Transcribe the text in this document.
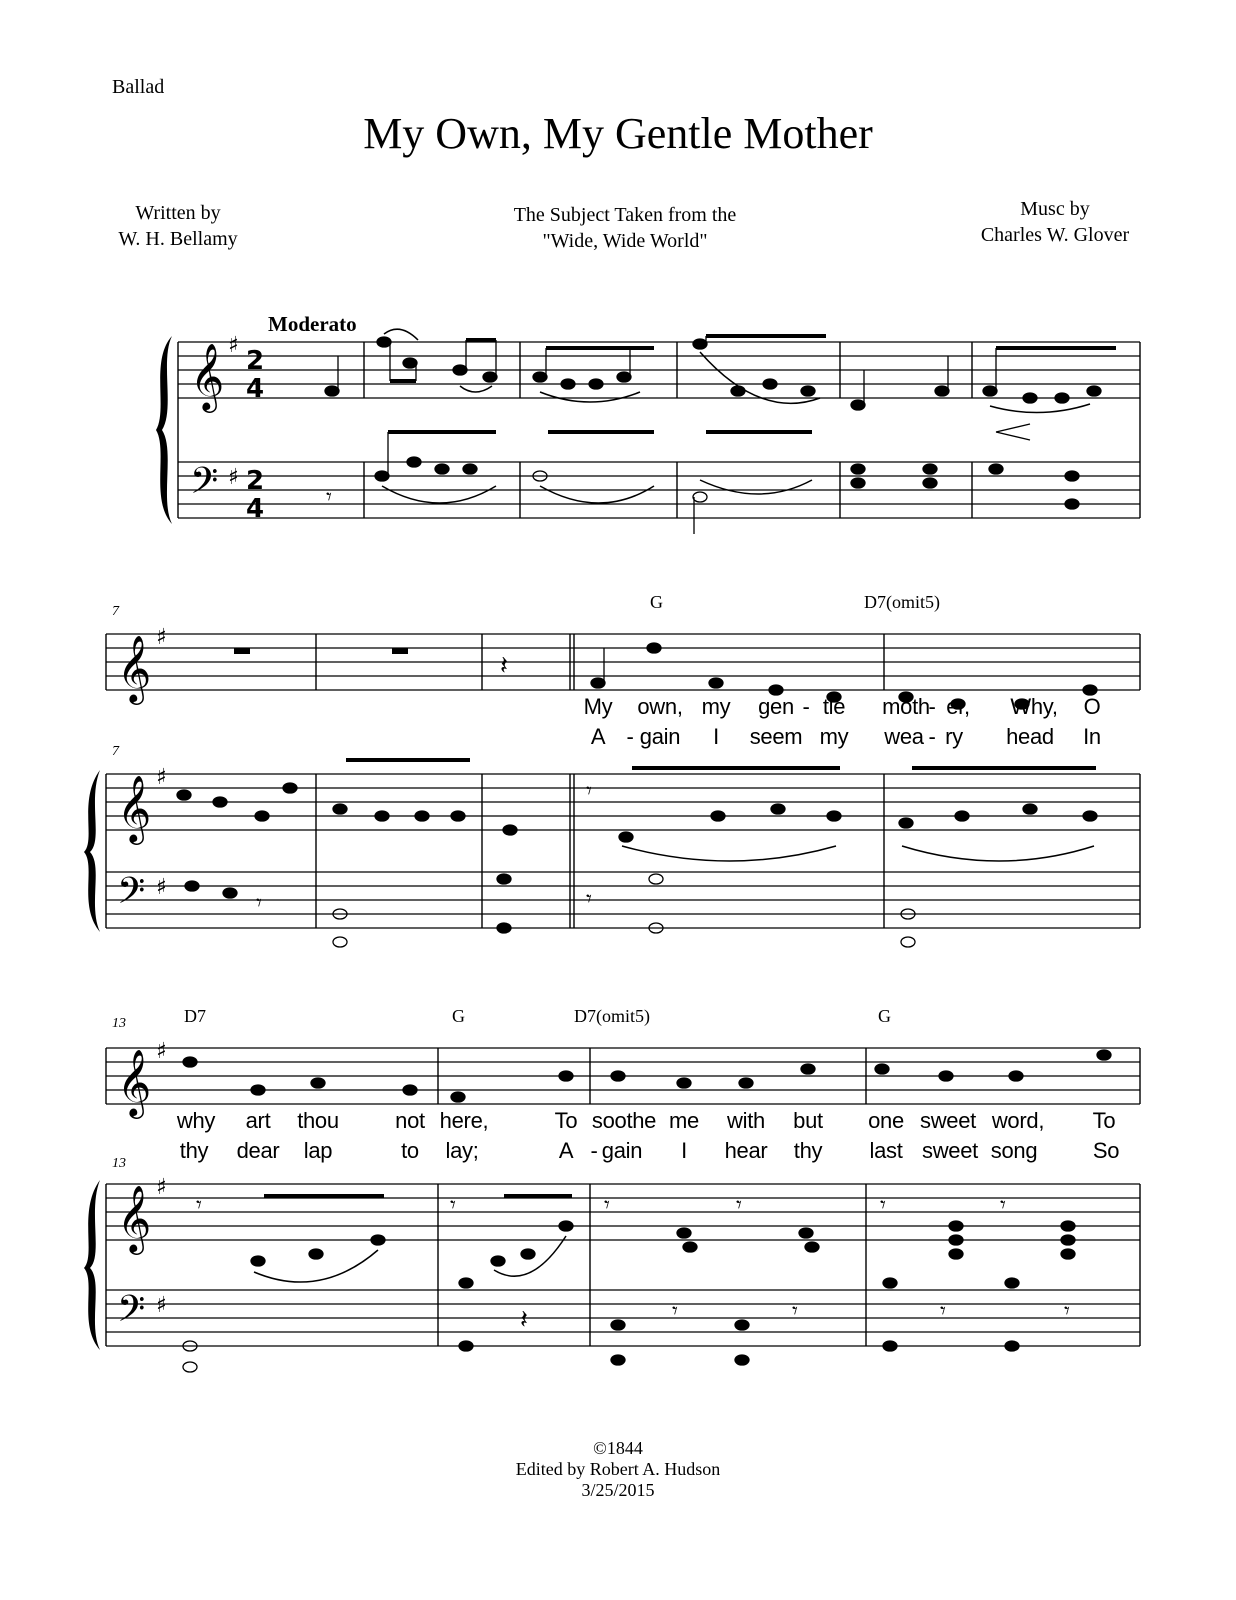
Ballad
My Own, My Gentle Mother
Written by
W. H. Bellamy
The Subject Taken from the
"Wide, Wide World"
Musc by
Charles W. Glover
Moderato
𝄞
𝄢
𝄞
𝄞
𝄢
𝄞
𝄞
𝄢
♯
♯
♯
♯
♯
♯
♯
♯
2
4
2
4
𝄽
𝄾
𝄾
𝄾	𝄾
𝄾	𝄾	𝄾	𝄾	𝄾	𝄾
𝄽	𝄾	𝄾	𝄾	𝄾
7
7
13
13
G	D7(omit5)
D7	G	D7(omit5)	G
My own, my gen - tle moth
- er, Why, O
A - gain I seem my wea - ry head In
why art thou	not here,	To soothe me with but one sweet word, To
thy dear lap	to lay;	A - gain I hear thy last sweet song	So
©1844
Edited by Robert A. Hudson
3/25/2015
